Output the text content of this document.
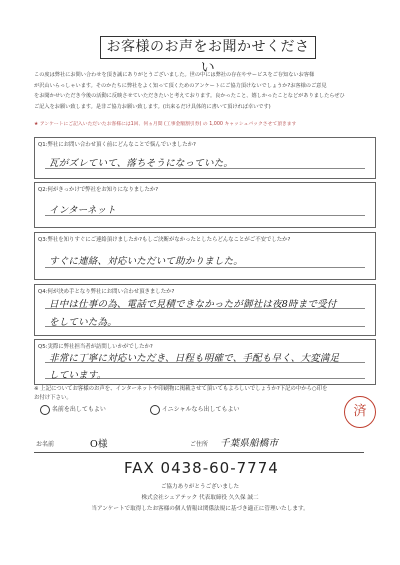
お客様のお声をお聞かせください
この度は弊社にお問い合わせを頂き誠にありがとうございました。世の中には弊社の存在やサービスをご存知ないお客様
が沢山いらっしゃいます。そのかたちに弊社をよく知って頂くためのアンケートにご協力頂けないでしょうか?お客様のご意見
をお聞かせいただき今後の活動に反映させていただきたいと考えております。良かったこと、嬉しかったことなどがありましたらぜひ
ご記入をお願い致します。是非ご協力お願い致します。(出来るだけ具体的に書いて頂ければ幸いです)
★ アンケートにご記入いただいたお客様には1回、何ヵ月間 (工事金額割引券) の 1,000 キャッシュバックさせて頂きます
Q1:弊社にお問い合わせ頂く前にどんなことで悩んでいましたか?
瓦がズレていて、落ちそうになっていた。
Q2:何がきっかけで弊社をお知りになりましたか?
インターネット
Q3:弊社を知りすぐにご連絡頂けましたか?もしご決断がなかったとしたらどんなことがご不安でしたか?
すぐに連絡、対応いただいて助かりました。
Q4:何が決め手となり弊社にお問い合わせ頂きましたか?
日中は仕事の為、電話で見積できなかったが御社は夜8時まで受付
をしていた為。
Q5:実際に弊社担当者が訪問しいかがでしたか?
非常に丁寧に対応いただき、日程も明確で、手配も早く、大変満足
しています。
※ 上記についてお客様のお声を、インターネットや印刷物に掲載させて頂いてもよろしいでしょうか?下記の中から○印を
お付け下さい。
名前を出してもよい	イニシャルなら出してもよい	済
お名前	O様	ご住所 千葉県船橋市
FAX 0438-60-7774
ご協力ありがとうございました
株式会社シェアテック 代表取締役 久久保 誠二
当アンケートで取得したお客様の個人情報は関係法規に基づき適正に管理いたします。
